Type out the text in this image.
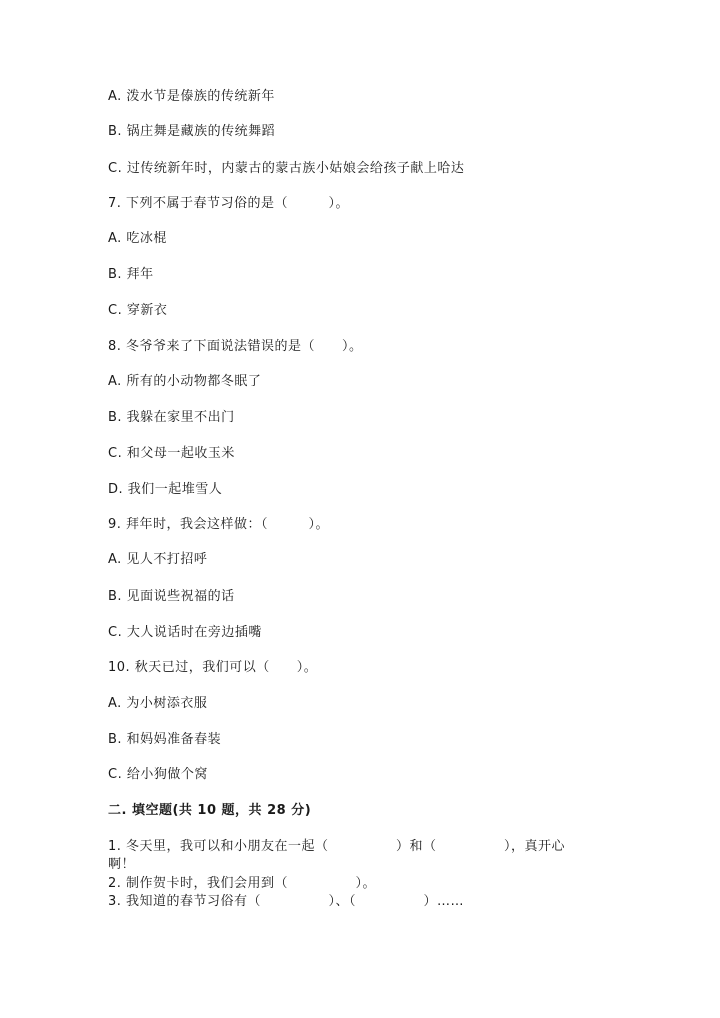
A. 泼水节是傣族的传统新年
B. 锅庄舞是藏族的传统舞蹈
C. 过传统新年时，内蒙古的蒙古族小姑娘会给孩子献上哈达
7. 下列不属于春节习俗的是（　　　）。
A. 吃冰棍
B. 拜年
C. 穿新衣
8. 冬爷爷来了下面说法错误的是（　　）。
A. 所有的小动物都冬眠了
B. 我躲在家里不出门
C. 和父母一起收玉米
D. 我们一起堆雪人
9. 拜年时，我会这样做：（　　　）。
A. 见人不打招呼
B. 见面说些祝福的话
C. 大人说话时在旁边插嘴
10. 秋天已过，我们可以（　　）。
A. 为小树添衣服
B. 和妈妈准备春装
C. 给小狗做个窝
二. 填空题(共 10 题，共 28 分)
1. 冬天里，我可以和小朋友在一起（　　　　　）和（　　　　　），真开心
啊！
2. 制作贺卡时，我们会用到（　　　　　）。
3. 我知道的春节习俗有（　　　　　）、（　　　　　）……
